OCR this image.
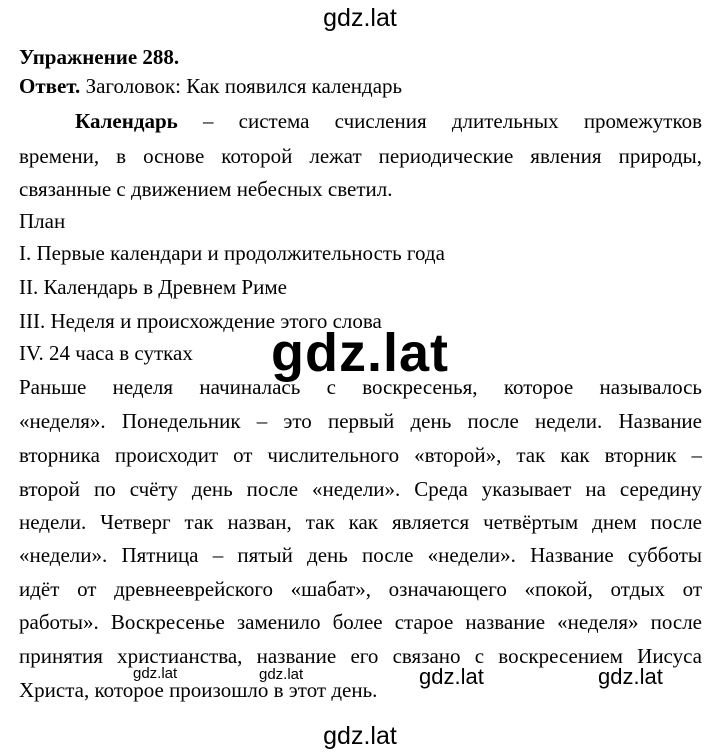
gdz.lat
Упражнение 288.
Ответ. Заголовок: Как появился календарь
Календарь – система счисления длительных промежутков
времени, в основе которой лежат периодические явления природы,
связанные с движением небесных светил.
План
I. Первые календари и продолжительность года
II. Календарь в Древнем Риме
III. Неделя и происхождение этого слова
IV. 24 часа в сутках
Раньше неделя начиналась с воскресенья, которое называлось
«неделя». Понедельник – это первый день после недели. Название
вторника происходит от числительного «второй», так как вторник –
второй по счёту день после «недели». Среда указывает на середину
недели. Четверг так назван, так как является четвёртым днем после
«недели». Пятница – пятый день после «недели». Название субботы
идёт от древнееврейского «шабат», означающего «покой, отдых от
работы». Воскресенье заменило более старое название «неделя» после
принятия христианства, название его связано с воскресением Иисуса
Христа, которое произошло в этот день.
gdz.lat
gdz.lat	gdz.lat	gdz.lat	gdz.lat
gdz.lat
